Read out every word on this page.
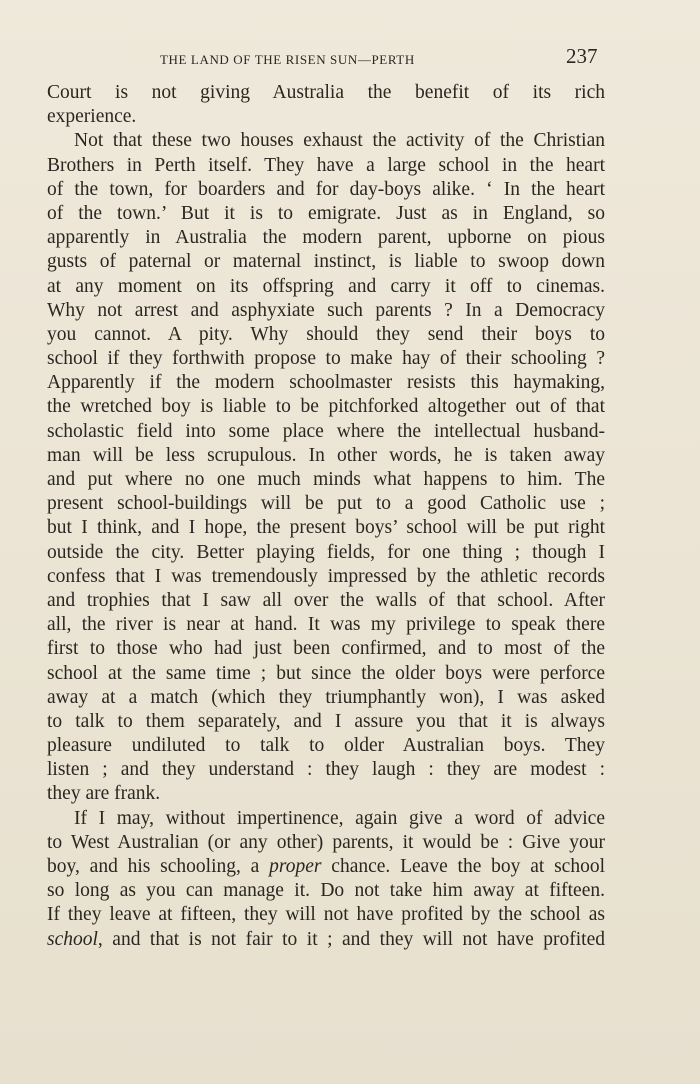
THE LAND OF THE RISEN SUN—PERTH	237
Court is not giving Australia the benefit of its rich
experience.
Not that these two houses exhaust the activity of the Christian
Brothers in Perth itself. They have a large school in the heart
of the town, for boarders and for day-boys alike. ‘ In the heart
of the town.’ But it is to emigrate. Just as in England, so
apparently in Australia the modern parent, upborne on pious
gusts of paternal or maternal instinct, is liable to swoop down
at any moment on its offspring and carry it off to cinemas.
Why not arrest and asphyxiate such parents ? In a Democracy
you cannot. A pity. Why should they send their boys to
school if they forthwith propose to make hay of their schooling ?
Apparently if the modern schoolmaster resists this haymaking,
the wretched boy is liable to be pitchforked altogether out of that
scholastic field into some place where the intellectual husband-
man will be less scrupulous. In other words, he is taken away
and put where no one much minds what happens to him. The
present school-buildings will be put to a good Catholic use ;
but I think, and I hope, the present boys’ school will be put right
outside the city. Better playing fields, for one thing ; though I
confess that I was tremendously impressed by the athletic records
and trophies that I saw all over the walls of that school. After
all, the river is near at hand. It was my privilege to speak there
first to those who had just been confirmed, and to most of the
school at the same time ; but since the older boys were perforce
away at a match (which they triumphantly won), I was asked
to talk to them separately, and I assure you that it is always
pleasure undiluted to talk to older Australian boys. They
listen ; and they understand : they laugh : they are modest :
they are frank.
If I may, without impertinence, again give a word of advice
to West Australian (or any other) parents, it would be : Give your
boy, and his schooling, a proper chance. Leave the boy at school
so long as you can manage it. Do not take him away at fifteen.
If they leave at fifteen, they will not have profited by the school as
school, and that is not fair to it ; and they will not have profited
